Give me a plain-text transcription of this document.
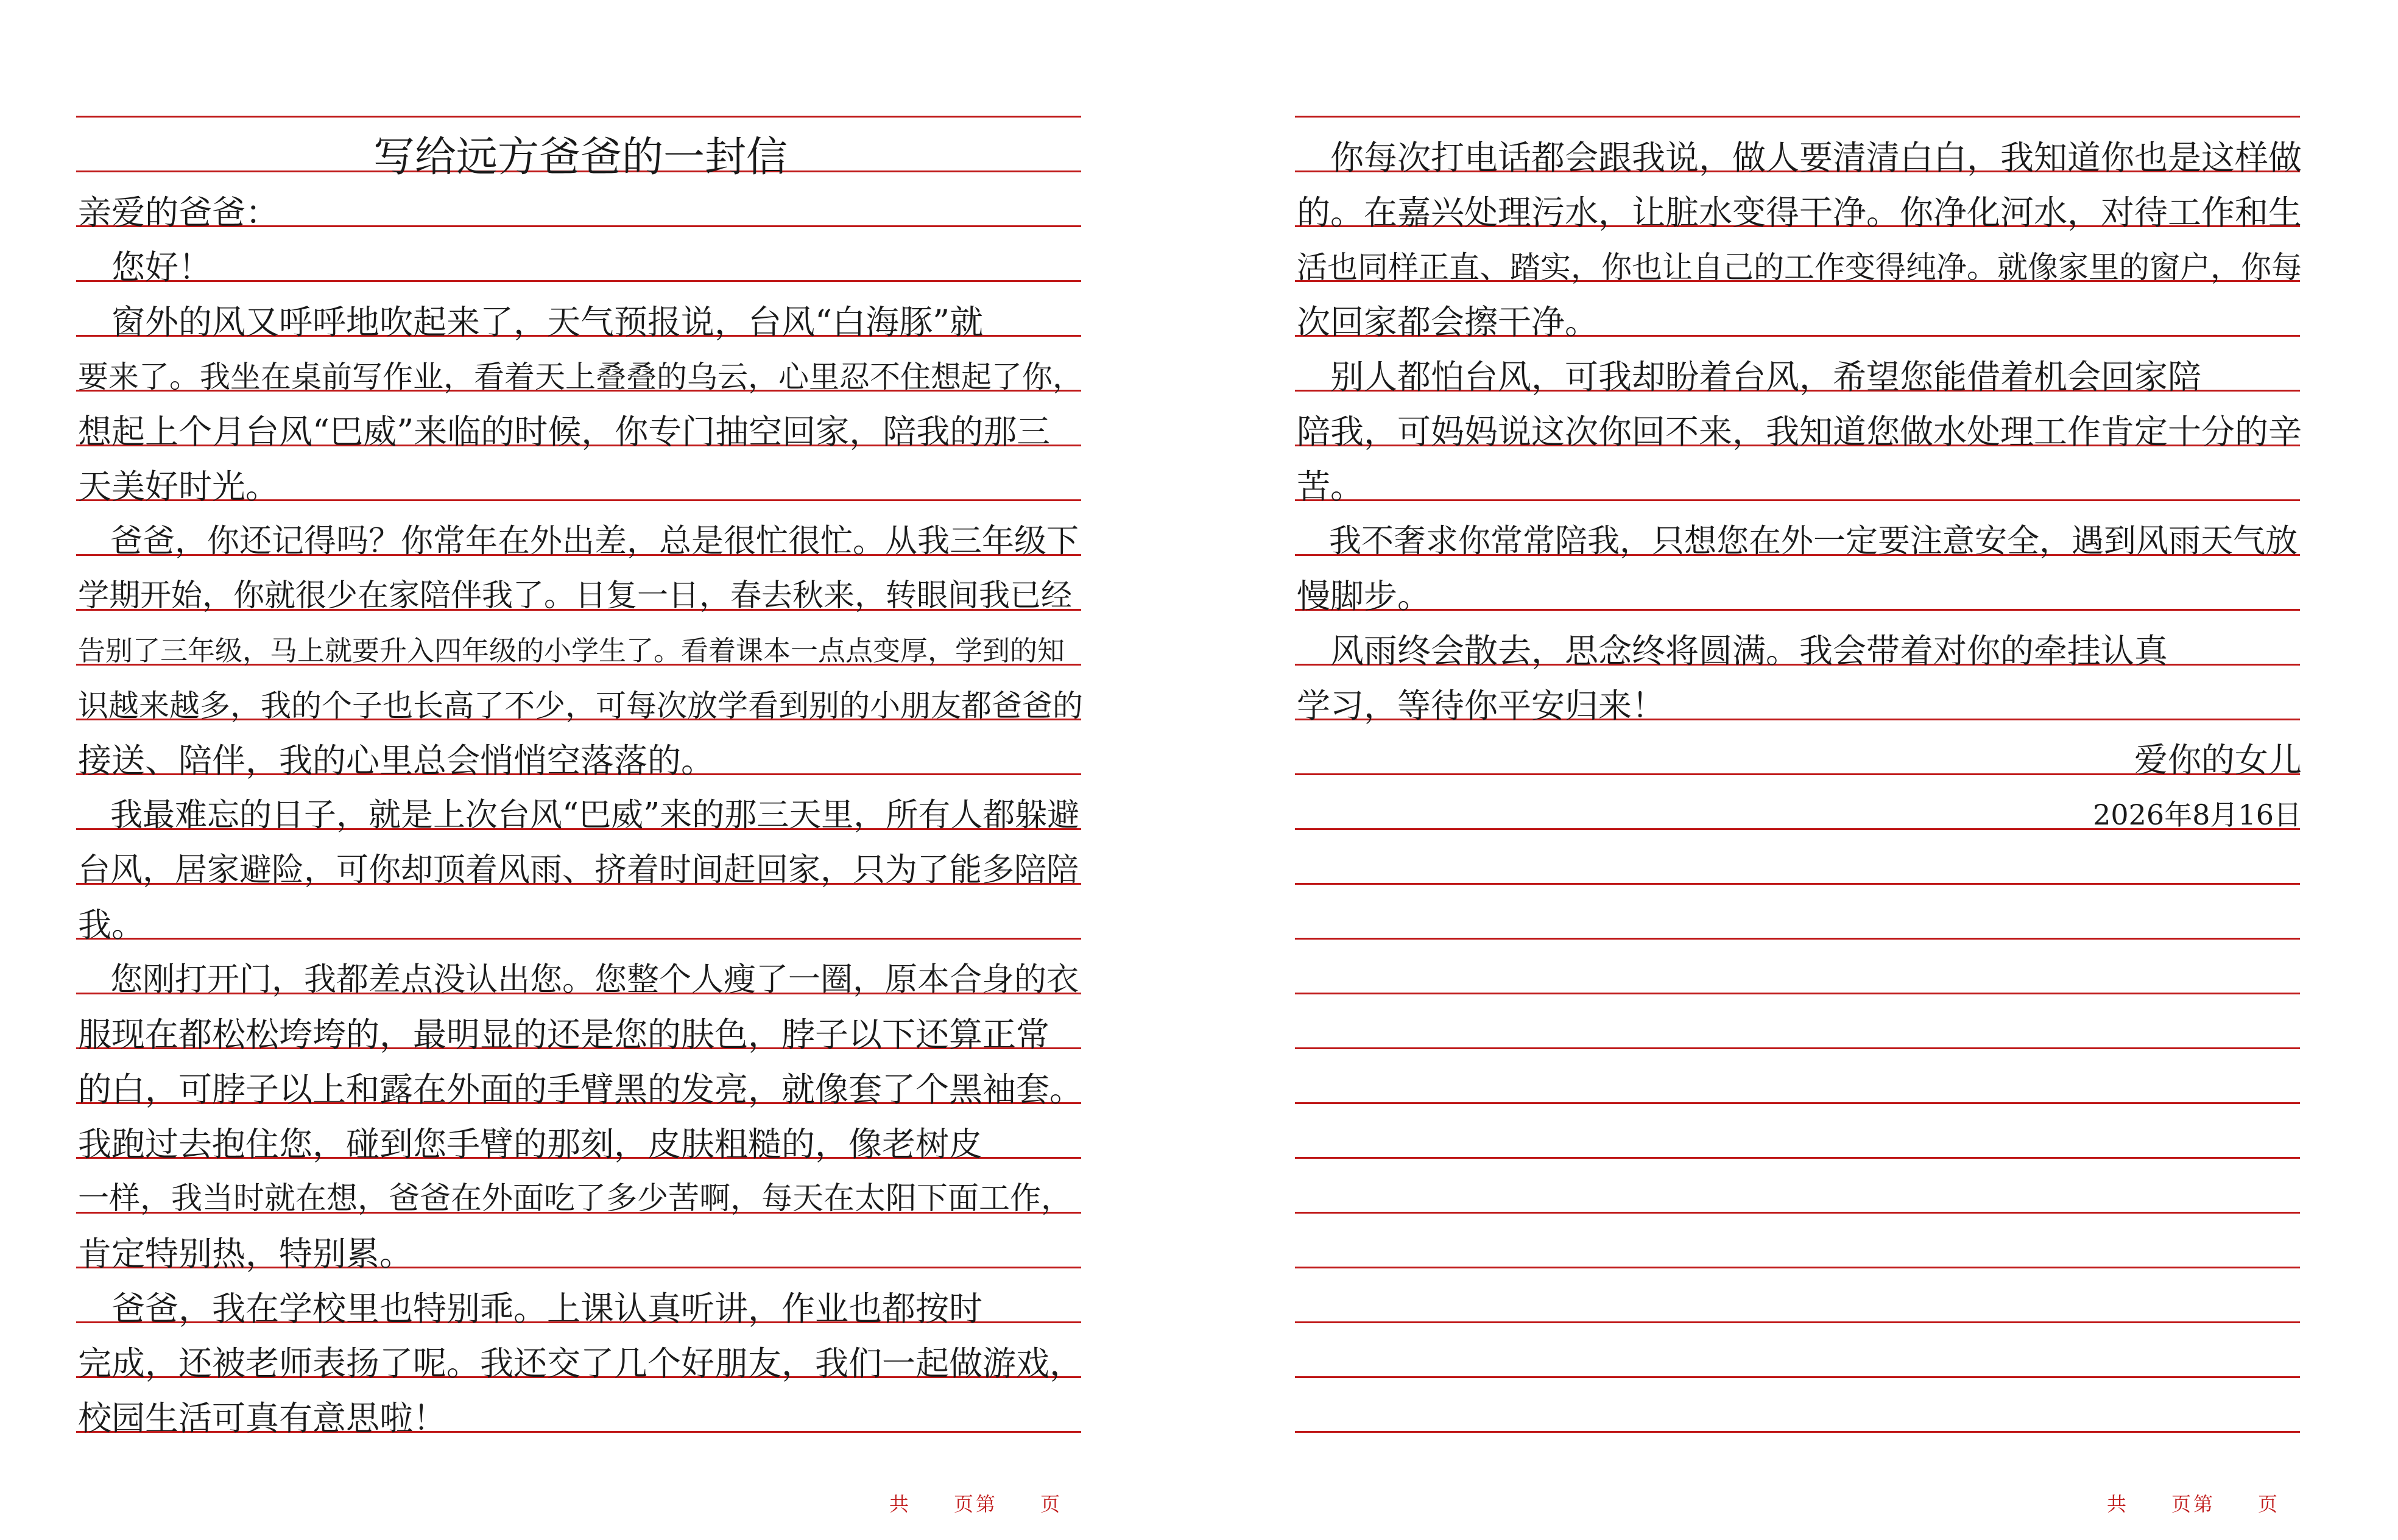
写给远方爸爸的一封信
亲爱的爸爸：
　您好！
　窗外的风又呼呼地吹起来了，天气预报说，台风“白海豚”就
要来了。我坐在桌前写作业，看着天上叠叠的乌云，心里忍不住想起了你，
想起上个月台风“巴威”来临的时候，你专门抽空回家，陪我的那三
天美好时光。
　爸爸，你还记得吗？你常年在外出差，总是很忙很忙。从我三年级下
学期开始，你就很少在家陪伴我了。日复一日，春去秋来，转眼间我已经
告别了三年级，马上就要升入四年级的小学生了。看着课本一点点变厚，学到的知
识越来越多，我的个子也长高了不少，可每次放学看到别的小朋友都爸爸的
接送、陪伴，我的心里总会悄悄空落落的。
　我最难忘的日子，就是上次台风“巴威”来的那三天里，所有人都躲避
台风，居家避险，可你却顶着风雨、挤着时间赶回家，只为了能多陪陪
我。
　您刚打开门，我都差点没认出您。您整个人瘦了一圈，原本合身的衣
服现在都松松垮垮的，最明显的还是您的肤色，脖子以下还算正常
的白，可脖子以上和露在外面的手臂黑的发亮，就像套了个黑袖套。
我跑过去抱住您，碰到您手臂的那刻，皮肤粗糙的，像老树皮
一样，我当时就在想，爸爸在外面吃了多少苦啊，每天在太阳下面工作，
肯定特别热，特别累。
　爸爸，我在学校里也特别乖。上课认真听讲，作业也都按时
完成，还被老师表扬了呢。我还交了几个好朋友，我们一起做游戏，
校园生活可真有意思啦！
共 页第 页
爱你的女儿
2026年8月16日
　你每次打电话都会跟我说，做人要清清白白，我知道你也是这样做
的。在嘉兴处理污水，让脏水变得干净。你净化河水，对待工作和生
活也同样正直、踏实，你也让自己的工作变得纯净。就像家里的窗户，你每
次回家都会擦干净。
　别人都怕台风，可我却盼着台风，希望您能借着机会回家陪
陪我，可妈妈说这次你回不来，我知道您做水处理工作肯定十分的辛
苦。
　我不奢求你常常陪我，只想您在外一定要注意安全，遇到风雨天气放
慢脚步。
　风雨终会散去，思念终将圆满。我会带着对你的牵挂认真
学习，等待你平安归来！
共 页第 页
